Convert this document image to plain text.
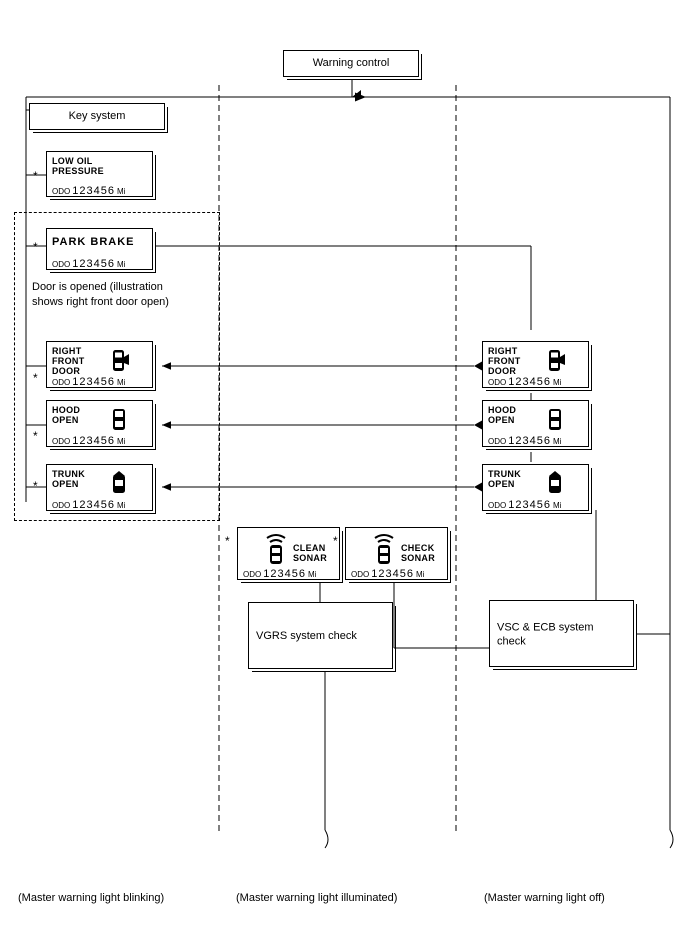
Warning control
Key system
*
LOW OIL
PRESSURE
ODO 123456 Mi
* PARK BRAKE
ODO 123456 Mi
Door is opened (illustration
shows right front door open)
*
RIGHT
FRONT
DOOR
ODO 123456 Mi
*
HOOD
OPEN
ODO 123456 Mi
*
TRUNK
OPEN
ODO 123456 Mi
RIGHT
FRONT
DOOR
ODO 123456 Mi
HOOD
OPEN
ODO 123456 Mi
TRUNK
OPEN
ODO 123456 Mi
*	CLEAN
SONAR
ODO 123456 Mi
*	CHECK
SONAR
ODO 123456 Mi
VGRS system check
VSC & ECB system
check
(Master warning light blinking)	(Master warning light illuminated)	(Master warning light off)
